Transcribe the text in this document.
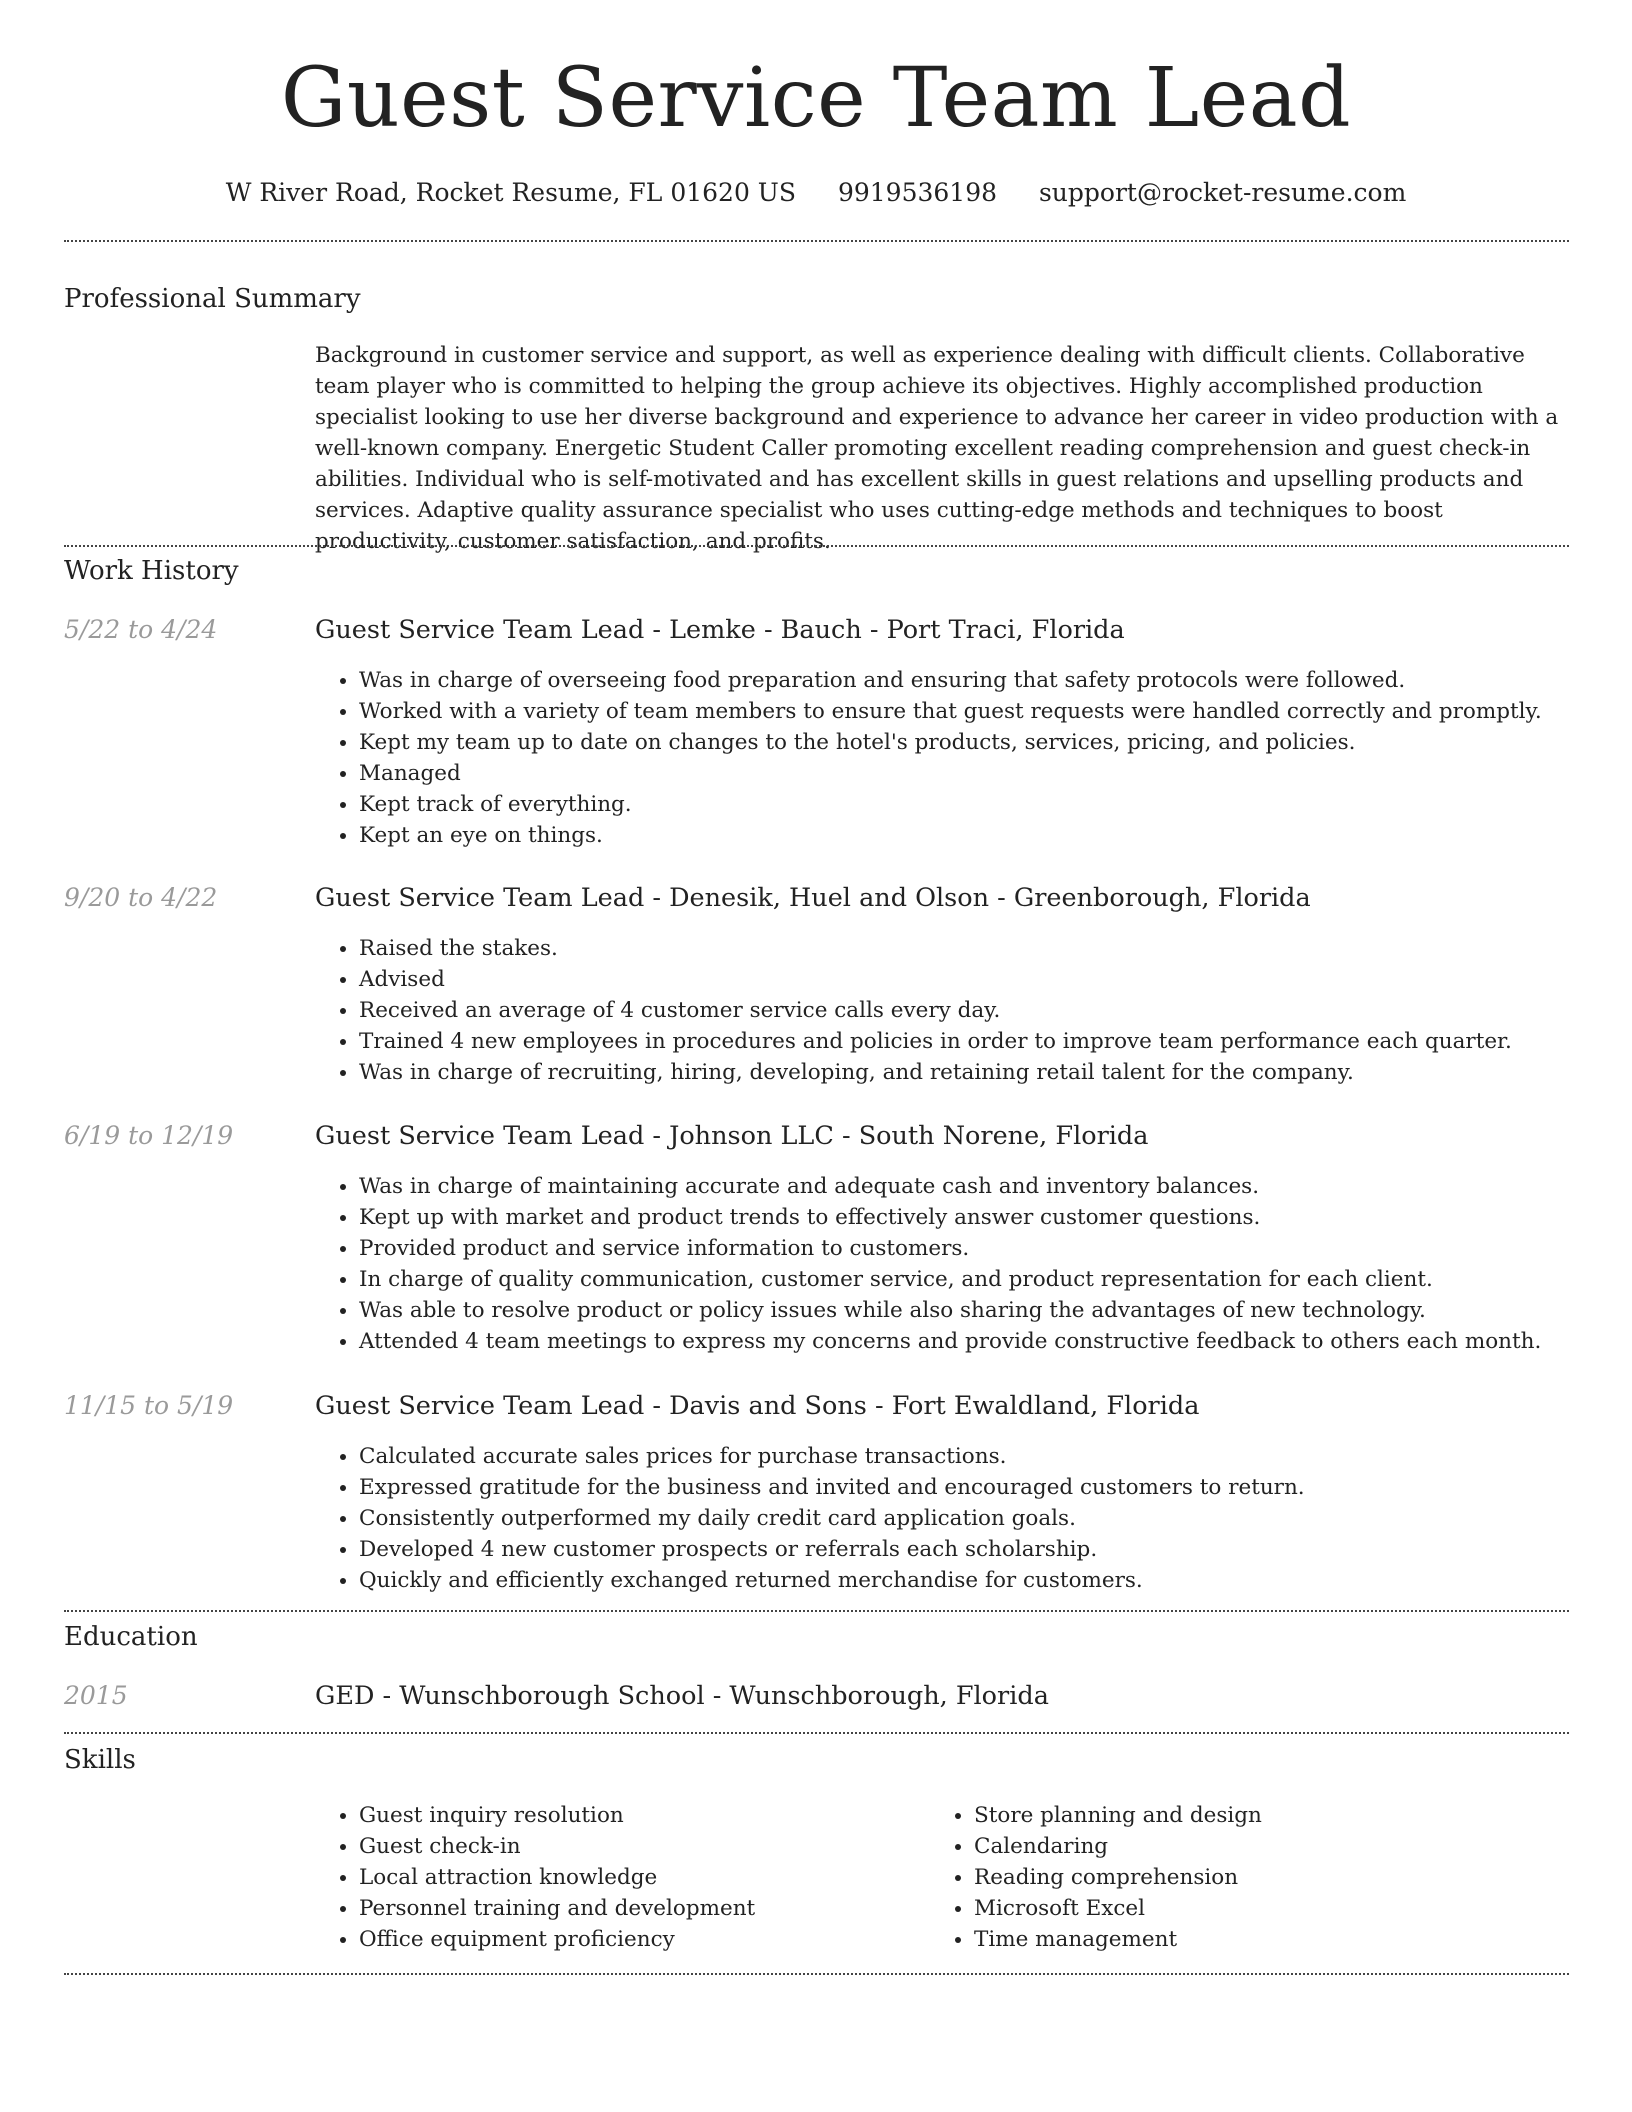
Guest Service Team Lead
W River Road, Rocket Resume, FL 01620 US 9919536198 support@rocket-resume.com
Professional Summary
Background in customer service and support, as well as experience dealing with difficult clients. Collaborative team player who is committed to helping the group achieve its objectives. Highly accomplished production specialist looking to use her diverse background and experience to advance her career in video production with a well-known company. Energetic Student Caller promoting excellent reading comprehension and guest check-in abilities. Individual who is self-motivated and has excellent skills in guest relations and upselling products and services. Adaptive quality assurance specialist who uses cutting-edge methods and techniques to boost productivity, customer satisfaction, and profits.
Work History
5/22 to 4/24	Guest Service Team Lead - Lemke - Bauch - Port Traci, Florida
• Was in charge of overseeing food preparation and ensuring that safety protocols were followed.
• Worked with a variety of team members to ensure that guest requests were handled correctly and promptly.
• Kept my team up to date on changes to the hotel's products, services, pricing, and policies.
• Managed
• Kept track of everything.
• Kept an eye on things.
9/20 to 4/22	Guest Service Team Lead - Denesik, Huel and Olson - Greenborough, Florida
• Raised the stakes.
• Advised
• Received an average of 4 customer service calls every day.
• Trained 4 new employees in procedures and policies in order to improve team performance each quarter.
• Was in charge of recruiting, hiring, developing, and retaining retail talent for the company.
6/19 to 12/19	Guest Service Team Lead - Johnson LLC - South Norene, Florida
• Was in charge of maintaining accurate and adequate cash and inventory balances.
• Kept up with market and product trends to effectively answer customer questions.
• Provided product and service information to customers.
• In charge of quality communication, customer service, and product representation for each client.
• Was able to resolve product or policy issues while also sharing the advantages of new technology.
• Attended 4 team meetings to express my concerns and provide constructive feedback to others each month.
11/15 to 5/19	Guest Service Team Lead - Davis and Sons - Fort Ewaldland, Florida
• Calculated accurate sales prices for purchase transactions.
• Expressed gratitude for the business and invited and encouraged customers to return.
• Consistently outperformed my daily credit card application goals.
• Developed 4 new customer prospects or referrals each scholarship.
• Quickly and efficiently exchanged returned merchandise for customers.
Education
2015	GED - Wunschborough School - Wunschborough, Florida
Skills
• Guest inquiry resolution
• Guest check-in
• Local attraction knowledge
• Personnel training and development
• Office equipment proficiency
• Store planning and design
• Calendaring
• Reading comprehension
• Microsoft Excel
• Time management
